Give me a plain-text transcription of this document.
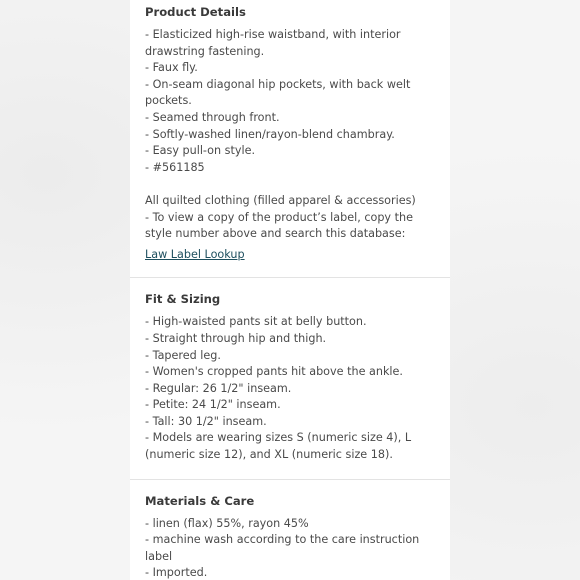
Product Details
- Elasticized high-rise waistband, with interior drawstring fastening.
- Faux fly.
- On-seam diagonal hip pockets, with back welt pockets.
- Seamed through front.
- Softly-washed linen/rayon-blend chambray.
- Easy pull-on style.
- #561185
All quilted clothing (filled apparel & accessories)
- To view a copy of the product’s label, copy the style number above and search this database:
Law Label Lookup
Fit & Sizing
- High-waisted pants sit at belly button.
- Straight through hip and thigh.
- Tapered leg.
- Women's cropped pants hit above the ankle.
- Regular: 26 1/2" inseam.
- Petite: 24 1/2" inseam.
- Tall: 30 1/2" inseam.
- Models are wearing sizes S (numeric size 4), L (numeric size 12), and XL (numeric size 18).
Materials & Care
- linen (flax) 55%, rayon 45%
- machine wash according to the care instruction label
- Imported.
